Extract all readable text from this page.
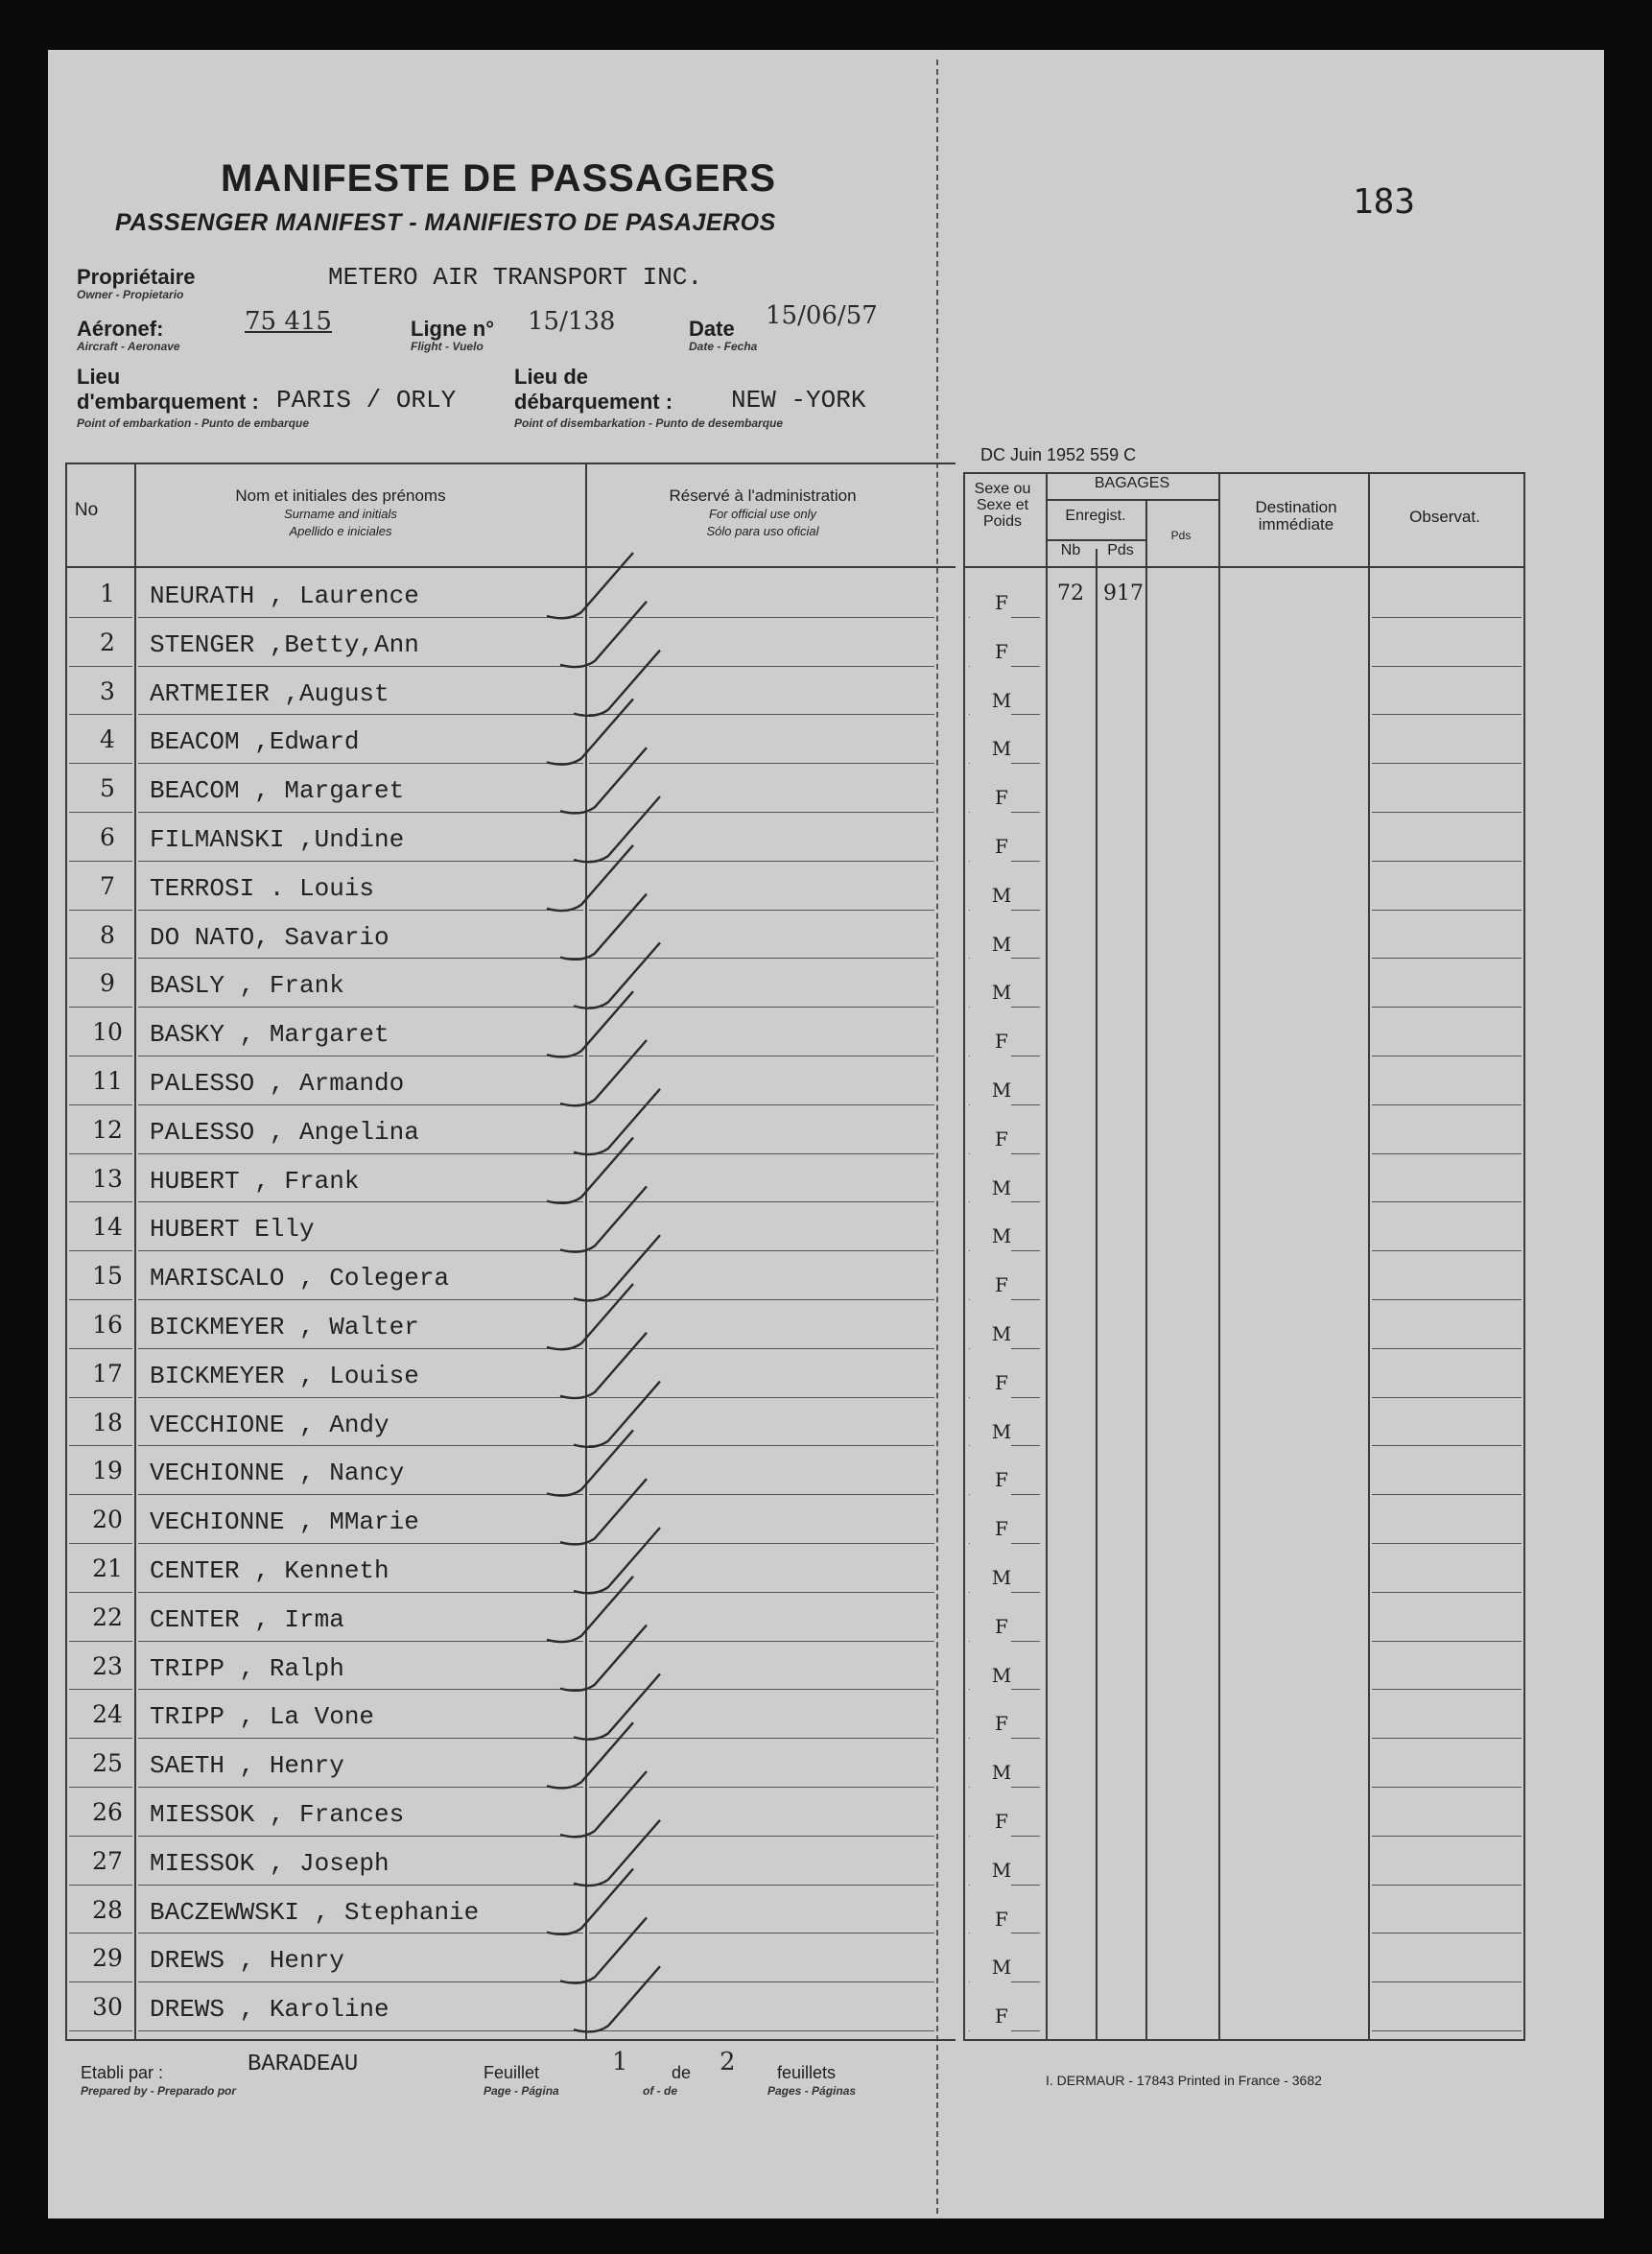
MANIFESTE DE PASSAGERS
PASSENGER MANIFEST - MANIFIESTO DE PASAJEROS
183
Propriétaire
Owner - Propietario
METERO AIR TRANSPORT INC.
Aéronef:
Aircraft - Aeronave
75 415	Ligne n°
Flight - Vuelo
15/138	Date
Date - Fecha
15/06/57
Lieu
d'embarquement :
Point of embarkation - Punto de embarque
PARIS / ORLY
Lieu de
débarquement :
Point of disembarkation - Punto de desembarque
NEW -YORK
DC Juin 1952 559 C
No
Nom et initiales des prénoms
Surname and initials
Apellido e iniciales
Réservé à l'administration
For official use only
Sólo para uso oficial
Sexe ou Sexe et Poids
BAGAGES
Enregist.
Nb	Pds
Pds
Destination immédiate	Observat.
1	NEURATH , Laurence	F	72 917
2	STENGER ,Betty,Ann	F
3	ARTMEIER ,August	M
4	BEACOM ,Edward	M
5	BEACOM , Margaret	F
6	FILMANSKI ,Undine	F
7	TERROSI . Louis	M
8	DO NATO, Savario	M
9	BASLY , Frank	M
10 BASKY , Margaret	F
11 PALESSO , Armando	M
12 PALESSO , Angelina	F
13 HUBERT , Frank	M
14 HUBERT Elly	M
15 MARISCALO , Colegera	F
16 BICKMEYER , Walter	M
17 BICKMEYER , Louise	F
18 VECCHIONE , Andy	M
19 VECHIONNE , Nancy	F
20 VECHIONNE , MMarie	F
21 CENTER , Kenneth	M
22 CENTER , Irma	F
23 TRIPP , Ralph	M
24 TRIPP , La Vone	F
25 SAETH , Henry	M
26 MIESSOK , Frances	F
27 MIESSOK , Joseph	M
28 BACZEWWSKI , Stephanie	F
29 DREWS , Henry	M
30 DREWS , Karoline	F
Etabli par :
Prepared by - Preparado por
BARADEAU	Feuillet
Page - Página
1	de
of - de
2 feuillets
Pages - Páginas
I. DERMAUR - 17843 Printed in France - 3682
